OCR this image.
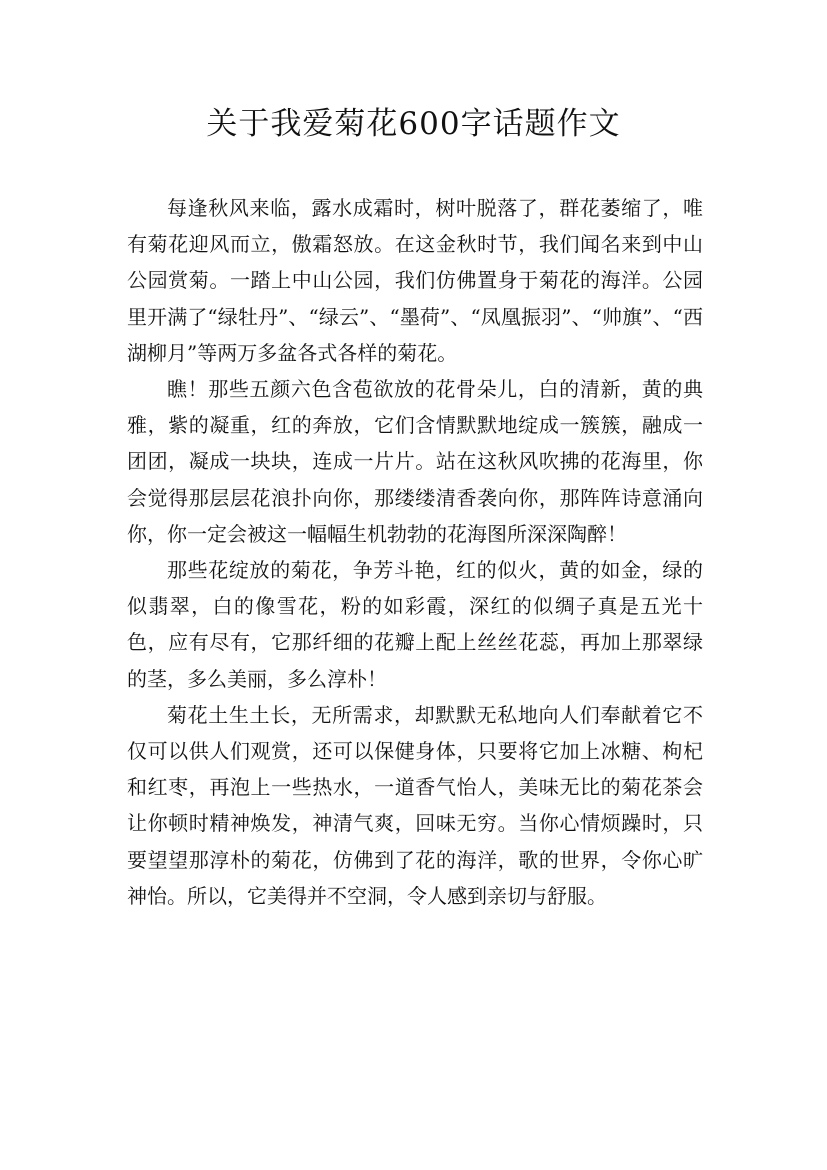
关于我爱菊花600字话题作文

每逢秋风来临，露水成霜时，树叶脱落了，群花萎缩了，唯有菊花迎风而立，傲霜怒放。在这金秋时节，我们闻名来到中山公园赏菊。一踏上中山公园，我们仿佛置身于菊花的海洋。公园里开满了“绿牡丹”、“绿云”、“墨荷”、“凤凰振羽”、“帅旗”、“西湖柳月”等两万多盆各式各样的菊花。

瞧！那些五颜六色含苞欲放的花骨朵儿，白的清新，黄的典雅，紫的凝重，红的奔放，它们含情默默地绽成一簇簇，融成一团团，凝成一块块，连成一片片。站在这秋风吹拂的花海里，你会觉得那层层花浪扑向你，那缕缕清香袭向你，那阵阵诗意涌向你，你一定会被这一幅幅生机勃勃的花海图所深深陶醉！

那些花绽放的菊花，争芳斗艳，红的似火，黄的如金，绿的似翡翠，白的像雪花，粉的如彩霞，深红的似绸子真是五光十色，应有尽有，它那纤细的花瓣上配上丝丝花蕊，再加上那翠绿的茎，多么美丽，多么淳朴！

菊花土生土长，无所需求，却默默无私地向人们奉献着它不仅可以供人们观赏，还可以保健身体，只要将它加上冰糖、枸杞和红枣，再泡上一些热水，一道香气怡人，美味无比的菊花茶会让你顿时精神焕发，神清气爽，回味无穷。当你心情烦躁时，只要望望那淳朴的菊花，仿佛到了花的海洋，歌的世界，令你心旷神怡。所以，它美得并不空洞，令人感到亲切与舒服。
